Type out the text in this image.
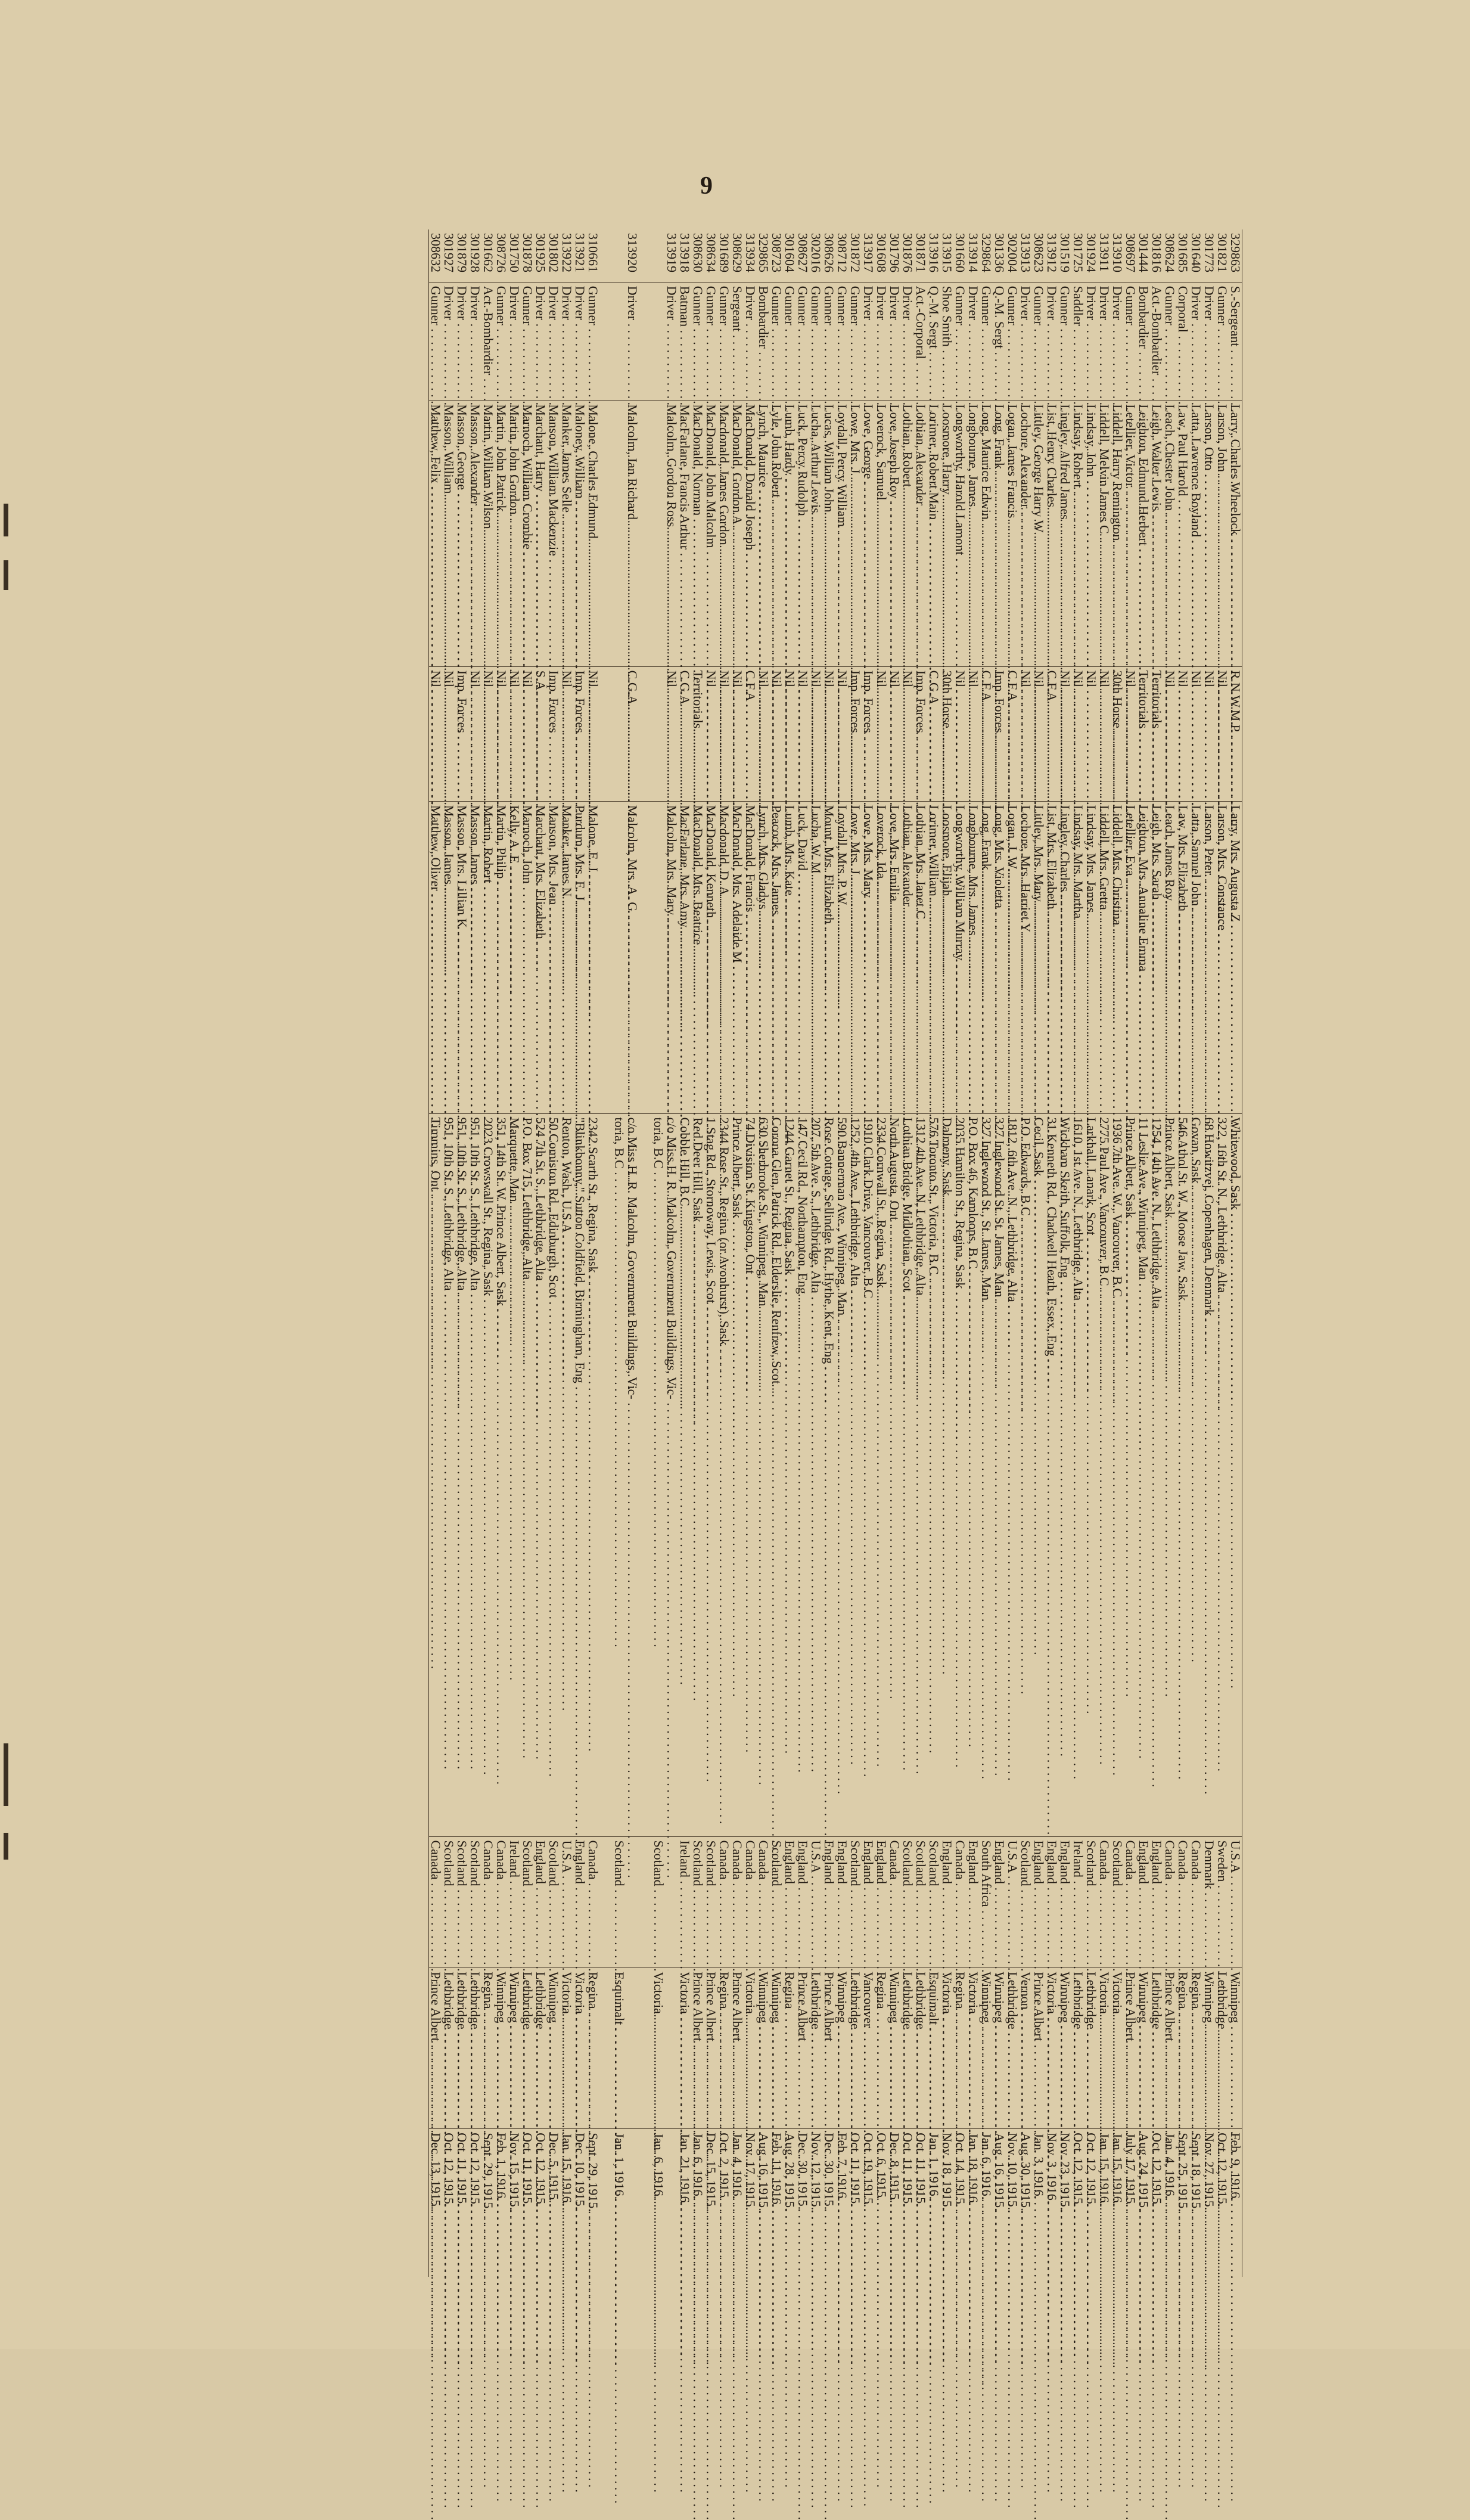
9
329863	S.-Sergeant . . .	Larry, Charles Wheelock . . .	R.N.W.M.P . . .	Larry, Mrs. Augusta Z . . .	Whitewood, Sask . . .	U.S.A . . .	Winnipeg . . .	Feb. 9, 1916.
301821	Gunner . . .	Larson, John . . .	Nil . . .	Larson, Mrs. Constance . . .	322, 16th St. N., Lethbridge, Alta . . .	Sweden . . .	Lethbridge . . .	Oct. 12, 1915.
301773	Driver . . .	Larson, Otto . . .	Nil . . .	Larson, Peter . . .	68 Howitzvej, Copenhagen, Denmark . . .	Denmark . . .	Winnipeg . . .	Nov. 27, 1915.
301640	Driver . . .	Latta, Lawrence Boyland . . .	Nil . . .	Latta, Samuel John . . .	Govan, Sask . . .	Canada . . .	Regina . . .	Sept. 18, 1915.
301685	Corporal . . .	Law, Paul Harold . . .	Nil . . .	Law, Mrs. Elizabeth . . .	546 Athol St. W., Moose Jaw, Sask . . .	Canada . . .	Regina . . .	Sept. 25, 1915.
308624	Gunner . . .	Leach, Chester John . . .	Nil . . .	Leach, James Roy . . .	Prince Albert, Sask . . .	Canada . . .	Prince Albert . . .	Jan. 4, 1916.
301816	Act.-Bombardier . . .	Leigh, Walter Lewis . . .	Territorials . . .	Leigh, Mrs. Sarah . . .	1254, 14th Ave. N., Lethbridge, Alta . . .	England . . .	Lethbridge . . .	Oct. 12, 1915.
301444	Bombardier . . .	Leighton, Edmund Herbert . . .	Territorials . . .	Leighton, Mrs. Annaline Emma . . .	11 Leslie Ave., Winnipeg, Man . . .	England . . .	Winnipeg . . .	Aug. 24, 1915.
308697	Gunner . . .	Letellier, Victor . . .	Nil . . .	Letellier, Eva . . .	Prince Albert, Sask . . .	Canada . . .	Prince Albert . . .	July 17, 1915.
313910	Driver . . .	Liddell, Harry Remington . . .	30th Horse . . .	Liddell, Mrs. Christina . . .	1936 7th Ave. W., Vancouver, B.C . . .	Scotland . . .	Victoria . . .	Jan. 15, 1916.
313911	Driver . . .	Liddell, Melvin James C . . .	Nil . . .	Liddell, Mrs. Gretta . . .	2775 Paul Ave., Vancouver, B.C . . .	Canada . . .	Victoria . . .	Jan. 15, 1916.
301924	Driver . . .	Lindsay, John . . .	Nil . . .	Lindsay, Mrs. James . . .	Larkhall, Lanark, Scot . . .	Scotland . . .	Lethbridge . . .	Oct. 12, 1915.
301725	Saddler . . .	Lindsay, Robert . . .	Nil . . .	Lindsay, Mrs. Martha . . .	1610, 1st Ave. N., Lethbridge, Alta . . .	Ireland . . .	Lethbridge . . .	Oct. 12, 1915.
301519	Gunner . . .	Lingley, Alfred James . . .	Nil . . .	Lingley, Charles . . .	Wickham Skeith, Suffolk, Eng . . .	England . . .	Winnipeg . . .	Nov. 23, 1915.
313912	Driver . . .	List, Henry Charles . . .	C.F.A . . .	List, Mrs. Elizabeth . . .	31 Kenneth Rd., Chadwell Heath, Essex, Eng . . .	England . . .	Victoria . . .	Nov. 3, 1916.
308623	Gunner . . .	Littley, George Harry W . . .	Nil . . .	Littley, Mrs. Mary . . .	Cecil, Sask . . .	England . . .	Prince Albert . . .	Jan. 3, 1916.
313913	Driver . . .	Lochore, Alexander . . .	Nil . . .	Lochore, Mrs. Harriet Y . . .	P.O. Edwards, B.C . . .	Scotland . . .	Vernon . . .	Aug. 30, 1915.
302004	Gunner . . .	Logan, James Francis . . .	C.F.A . . .	Logan, J. W . . .	1812, 6th Ave. N., Lethbridge, Alta . . .	U.S.A . . .	Lethbridge . . .	Nov. 10, 1915.
301336	Q.-M. Sergt . . .	Long, Frank . . .	Imp. Forces . . .	Long, Mrs. Violetta . . .	327 Inglewood St. St. James, Man . . .	England . . .	Winnipeg . . .	Aug. 16, 1915.
329864	Gunner . . .	Long, Maurice Edwin . . .	C.F.A . . .	Long, Frank . . .	327 Inglewood St., St. James, Man . . .	South Africa . . .	Winnipeg . . .	Jan. 6, 1916.
313914	Driver . . .	Longbourne, James . . .	Nil . . .	Longbourne, Mrs. James . . .	P.O. Box 46, Kamloops, B.C . . .	England . . .	Victoria . . .	Jan. 18, 1916.
301660	Gunner . . .	Longworthy, Harold Lamont . . .	Nil . . .	Longworthy, William Murray . . .	2035 Hamilton St., Regina, Sask . . .	Canada . . .	Regina . . .	Oct. 14, 1915.
313915	Shoe Smith . . .	Loosmore, Harry . . .	30th Horse . . .	Loosmore, Elijah . . .	Dalmeny, Sask . . .	England . . .	Victoria . . .	Nov. 18, 1915.
313916	Q.-M. Sergt . . .	Lorimer, Robert Main . . .	C.G.A . . .	Lorimer, William . . .	576 Toronto St., Victoria, B.C . . .	Scotland . . .	Esquimalt . . .	Jan. 1, 1916.
301871	Act.-Corporal . . .	Lothian, Alexander . . .	Imp. Forces . . .	Lothian, Mrs. Janet C . . .	1312 4th Ave. N, Lethbridge, Alta . . .	Scotland . . .	Lethbridge . . .	Oct. 11, 1915.
301876	Driver . . .	Lothian, Robert . . .	Nil . . .	Lothian, Alexander . . .	Lothian Bridge, Midlothian, Scot . . .	Scotland . . .	Lethbridge . . .	Oct. 11, 1915.
301796	Driver . . .	Love, Joseph Roy . . .	Nil . . .	Love, Mrs. Emilia . . .	North Augusta, Ont . . .	Canada . . .	Winnipeg . . .	Dec. 8, 1915.
301608	Driver . . .	Loverock, Samuel . . .	Nil . . .	Loverock, Ida . . .	2334 Cornwall St., Regina, Sask . . .	England . . .	Regina . . .	Oct. 6, 1915.
313917	Driver . . .	Lowe, George . . .	Imp. Forces . . .	Lowe, Mrs. Mary . . .	1910 Clark Drive, Vancouver, B.C . . .	England . . .	Vancouver . . .	Oct. 19, 1915.
301872	Gunner . . .	Lowe, Mrs. J . . .	Imp. Forces . . .	Lowe, Mrs. J . . .	1252, 4th Ave., Lethbridge, Alta . . .	Scotland . . .	Lethbridge . . .	Oct. 11, 1915.
308712	Gunner . . .	Loydall, Percy William . . .	Nil . . .	Loydall, Mrs. P. W . . .	590 Bannerman Ave., Winnipeg, Man . . .	England . . .	Winnipeg . . .	Feb. 7, 1916.
308626	Gunner . . .	Lucas, William John . . .	Nil . . .	Mount, Mrs. Elizabeth . . .	Rose Cottage, Sellindge Rd., Hythe, Kent, Eng . . .	England . . .	Prince Albert . . .	Dec. 30, 1915.
302016	Gunner . . .	Lucha, Arthur Lewis . . .	Nil . . .	Lucha, W. M . . .	207, 5th Ave. S., Lethbridge, Alta . . .	U.S.A . . .	Lethbridge . . .	Nov. 12, 1915.
308627	Gunner . . .	Luck, Percy Rudolph . . .	Nil . . .	Luck, David . . .	147 Cecil Rd., Northampton, Eng . . .	England . . .	Prince Albert . . .	Dec. 30, 1915.
301604	Gunner . . .	Lumb, Hardy . . .	Nil . . .	Lumb, Mrs. Kate . . .	1244 Garnet St., Regina, Sask . . .	England . . .	Regina . . .	Aug. 28, 1915.
308723	Gunner . . .	Lyle, John Robert . . .	Nil . . .	Peacock, Mrs. James . . .	Corona Glen, Patrick Rd., Elderslie, Renfrew, Scot . . .	Scotland . . .	Winnipeg . . .	Feb. 11, 1916.
329865	Bombardier . . .	Lynch, Maurice . . .	Nil . . .	Lynch, Mrs. Gladys . . .	630 Sherbrooke St., Winnipeg, Man . . .	Canada . . .	Winnipeg . . .	Aug. 16, 1915.
313934	Driver . . .	MacDonald, Donald Joseph . . .	C.F.A . . .	MacDonald, Francis . . .	74 Division St. Kingston, Ont . . .	Canada . . .	Victoria . . .	Nov. 17, 1915.
308629	Sergeant . . .	MacDonald, Gordon A . . .	Nil . . .	MacDonald, Mrs. Adelaide M . . .	Prince Albert, Sask . . .	Canada . . .	Prince Albert . . .	Jan. 4, 1916.
301689	Gunner . . .	Macdonald, James Gordon . . .	Nil . . .	Macdonald, D. A . . .	2344 Rose St., Regina (or Avonhurst), Sask . . .	Canada . . .	Regina . . .	Oct. 2, 1915.
308634	Gunner . . .	MacDonald, John Malcolm . . .	Nil . . .	MacDonald, Kenneth . . .	1 Stag Rd., Stornoway, Lewis, Scot . . .	Scotland . . .	Prince Albert . . .	Dec. 15, 1915.
308630	Gunner . . .	MacDonald, Norman . . .	Territorials . . .	MacDonald, Mrs. Beatrice . . .	Red Deer Hill, Sask . . .	Scotland . . .	Prince Albert . . .	Jan. 6, 1916.
313918	Batman . . .	MacFarlane, Francis Arthur . . .	C.G.A . . .	MacFarlane, Mrs. Amy . . .	Cobble Hill, B.C . . .	Ireland . . .	Victoria . . .	Jan. 21, 1916.
313919	Driver . . .	Malcolm, Gordon Ross . . .	Nil . . .	Malcolm, Mrs. Mary . . .	c/o Miss H. R. Malcolm, Government Buildings, Vic- . . .			
					toria, B.C . . .	Scotland . . .	Victoria . . .	Jan. 6, 1916.

313920	Driver . . .	Malcolm, Ian Richard . . .	C.G.A . . .	Malcolm, Mrs. A. G . . .	c/o Miss H. R. Malcolm, Government Buildings, Vic- . . .			
					toria, B.C . . .	Scotland . . .	Esquimalt . . .	Jan. 1, 1916.

310661	Gunner . . .	Malone, Charles Edmund . . .	Nil . . .	Malone, E. J . . .	2342 Scarth St., Regina, Sask . . .	Canada . . .	Regina . . .	Sept. 29, 1915.
313921	Driver . . .	Maloney, William . . .	Imp. Forces . . .	Purdum, Mrs. E. J . . .	"Blinkbonny," Sutton Coldfield, Birmingham, Eng . . .	England . . .	Victoria . . .	Dec. 10, 1915.
313922	Driver . . .	Manker, James Selle . . .	Nil . . .	Manker, James N . . .	Renton, Wash., U.S.A . . .	U.S.A . . .	Victoria . . .	Jan. 15, 1916.
301802	Driver . . .	Manson, William Mackenzie . . .	Imp. Forces . . .	Manson, Mrs. Jean . . .	50 Comiston Rd., Edinburgh, Scot . . .	Scotland . . .	Winnipeg . . .	Dec. 5, 1915.
301925	Driver . . .	Marchant, Harry . . .	S.A . . .	Marchant, Mrs. Elizabeth . . .	524 7th St. S., Lethbridge, Alta . . .	England . . .	Lethbridge . . .	Oct. 12, 1915.
301878	Gunner . . .	Marnoch, William Crombie . . .	Nil . . .	Marnoch, John . . .	P.O. Box 715, Lethbridge, Alta . . .	Scotland . . .	Lethbridge . . .	Oct. 11, 1915.
301750	Driver . . .	Martin, John Gordon . . .	Nil . . .	Kelly, A. E . . .	Marquette, Man . . .	Ireland . . .	Winnipeg . . .	Nov. 15, 1915.
308726	Gunner . . .	Martin, John Patrick . . .	Nil . . .	Martin, Philip . . .	351, 14th St. W. Prince Albert, Sask . . .	Canada . . .	Winnipeg . . .	Feb. 1, 1916.
301662	Act.-Bombardier . . .	Martin, William Wilson . . .	Nil . . .	Martin, Robert . . .	2023 Crowswall St., Regina, Sask . . .	Canada . . .	Regina . . .	Sept. 29, 1915.
301928	Driver . . .	Masson, Alexander . . .	Nil . . .	Masson, James . . .	951, 10th St. S., Lethbridge, Alta . . .	Scotland . . .	Lethbridge . . .	Oct. 12, 1915.
301879	Driver . . .	Masson, George . . .	Imp. Forces . . .	Masson, Mrs. Lillian K . . .	951, 10th St. S., Lethbridge, Alta . . .	Scotland . . .	Lethbridge . . .	Oct. 11, 1915.
301927	Driver . . .	Masson, William . . .	Nil . . .	Masson, James . . .	951, 10th St. S., Lethbridge, Alta . . .	Scotland . . .	Lethbridge . . .	Oct. 12, 1915.
308632	Gunner . . .	Matthew, Felix . . .	Nil . . .	Matthew, Oliver . . .	Timmins, Ont . . .	Canada . . .	Prince Albert . . .	Dec. 13, 1915.
